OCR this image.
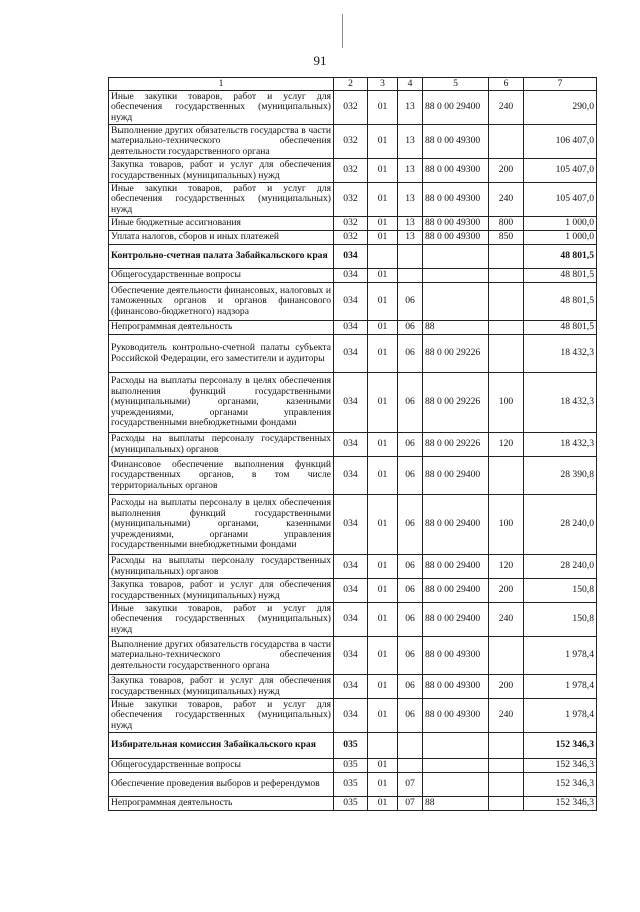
91
1	2	3	4	5	6	7
Иные закупки товаров, работ и услуг для обеспечения государственных (муниципальных) нужд	032	01	13	88 0 00 29400	240	290,0
Выполнение других обязательств государства в части материально-технического обеспечения деятельности государственного органа	032	01	13	88 0 00 49300		106 407,0
Закупка товаров, работ и услуг для обеспечения государственных (муниципальных) нужд	032	01	13	88 0 00 49300	200	105 407,0
Иные закупки товаров, работ и услуг для обеспечения государственных (муниципальных) нужд	032	01	13	88 0 00 49300	240	105 407,0
Иные бюджетные ассигнования	032	01	13	88 0 00 49300	800	1 000,0
Уплата налогов, сборов и иных платежей	032	01	13	88 0 00 49300	850	1 000,0
Контрольно-счетная палата Забайкальского края	034					48 801,5
Общегосударственные вопросы	034	01				48 801,5
Обеспечение деятельности финансовых, налоговых и таможенных органов и органов финансового (финансово-бюджетного) надзора	034	01	06			48 801,5
Непрограммная деятельность	034	01	06	88		48 801,5
Руководитель контрольно-счетной палаты субъекта Российской Федерации, его заместители и аудиторы	034	01	06	88 0 00 29226		18 432,3
Расходы на выплаты персоналу в целях обеспечения выполнения функций государственными (муниципальными) органами, казенными учреждениями, органами управления государственными внебюджетными фондами	034	01	06	88 0 00 29226	100	18 432,3
Расходы на выплаты персоналу государственных (муниципальных) органов	034	01	06	88 0 00 29226	120	18 432,3
Финансовое обеспечение выполнения функций государственных органов, в том числе территориальных органов	034	01	06	88 0 00 29400		28 390,8
Расходы на выплаты персоналу в целях обеспечения выполнения функций государственными (муниципальными) органами, казенными учреждениями, органами управления государственными внебюджетными фондами	034	01	06	88 0 00 29400	100	28 240,0
Расходы на выплаты персоналу государственных (муниципальных) органов	034	01	06	88 0 00 29400	120	28 240,0
Закупка товаров, работ и услуг для обеспечения государственных (муниципальных) нужд	034	01	06	88 0 00 29400	200	150,8
Иные закупки товаров, работ и услуг для обеспечения государственных (муниципальных) нужд	034	01	06	88 0 00 29400	240	150,8
Выполнение других обязательств государства в части материально-технического обеспечения деятельности государственного органа	034	01	06	88 0 00 49300		1 978,4
Закупка товаров, работ и услуг для обеспечения государственных (муниципальных) нужд	034	01	06	88 0 00 49300	200	1 978,4
Иные закупки товаров, работ и услуг для обеспечения государственных (муниципальных) нужд	034	01	06	88 0 00 49300	240	1 978,4
Избирательная комиссия Забайкальского края	035					152 346,3
Общегосударственные вопросы	035	01				152 346,3
Обеспечение проведения выборов и референдумов	035	01	07			152 346,3
Непрограммная деятельность	035	01	07	88		152 346,3
